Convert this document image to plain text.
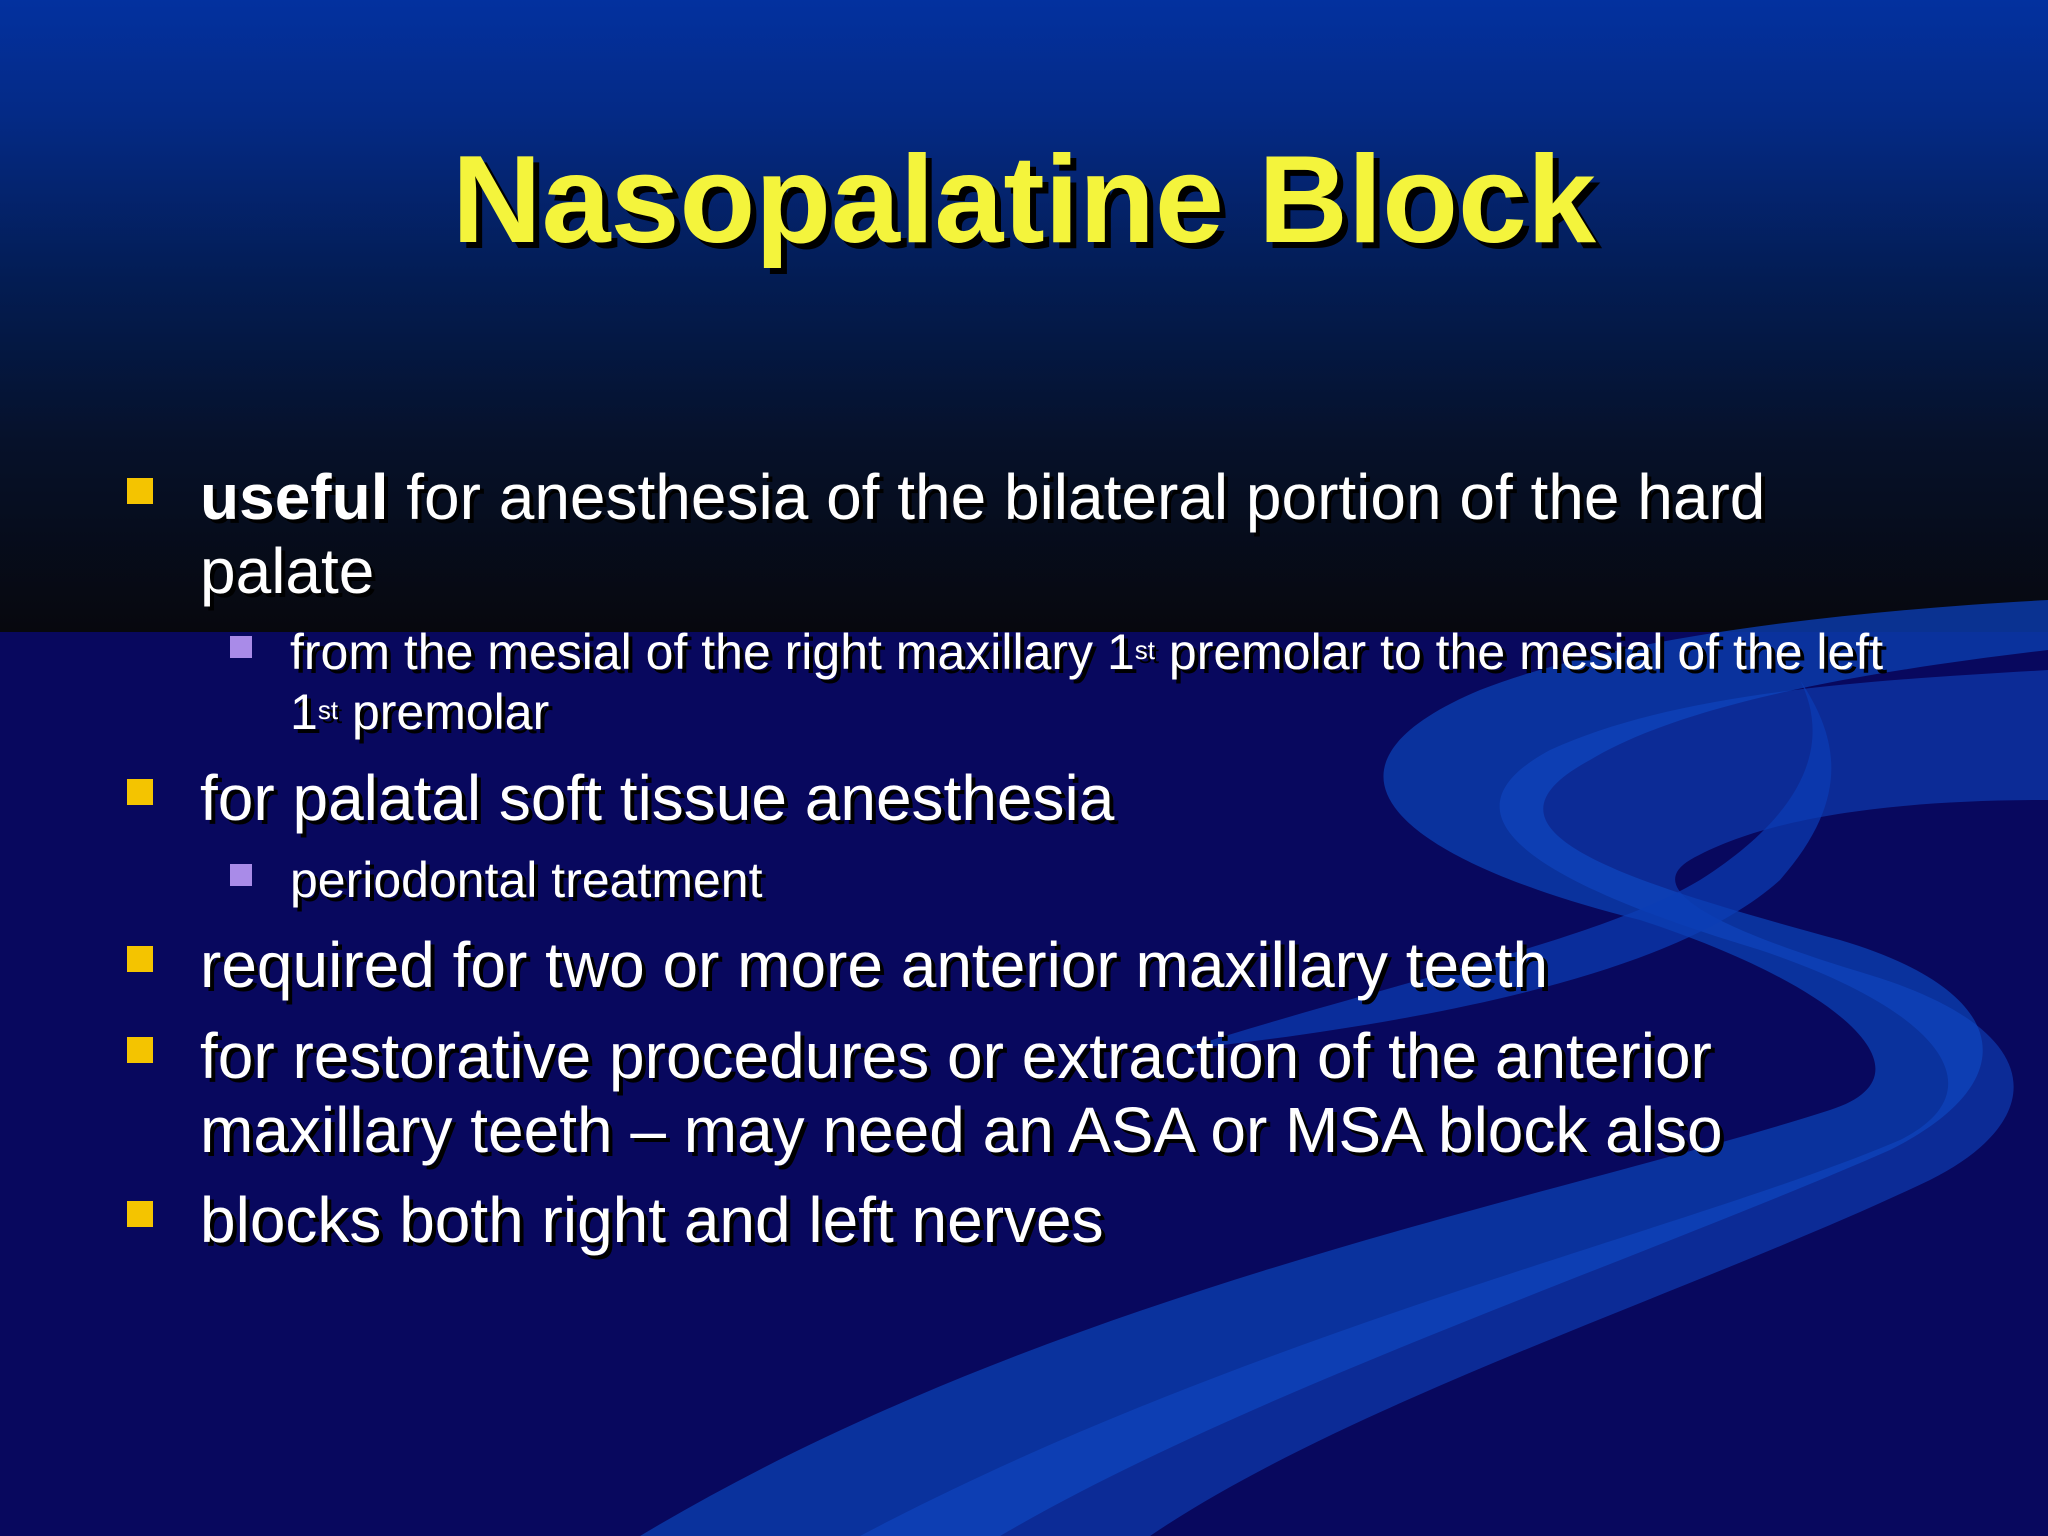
Nasopalatine Block
useful for anesthesia of the bilateral portion of the hard palate
from the mesial of the right maxillary 1st premolar to the mesial of the left 1st premolar
for palatal soft tissue anesthesia
periodontal treatment
required for two or more anterior maxillary teeth
for restorative procedures or extraction of the anterior maxillary teeth – may need an ASA or MSA block also
blocks both right and left nerves
